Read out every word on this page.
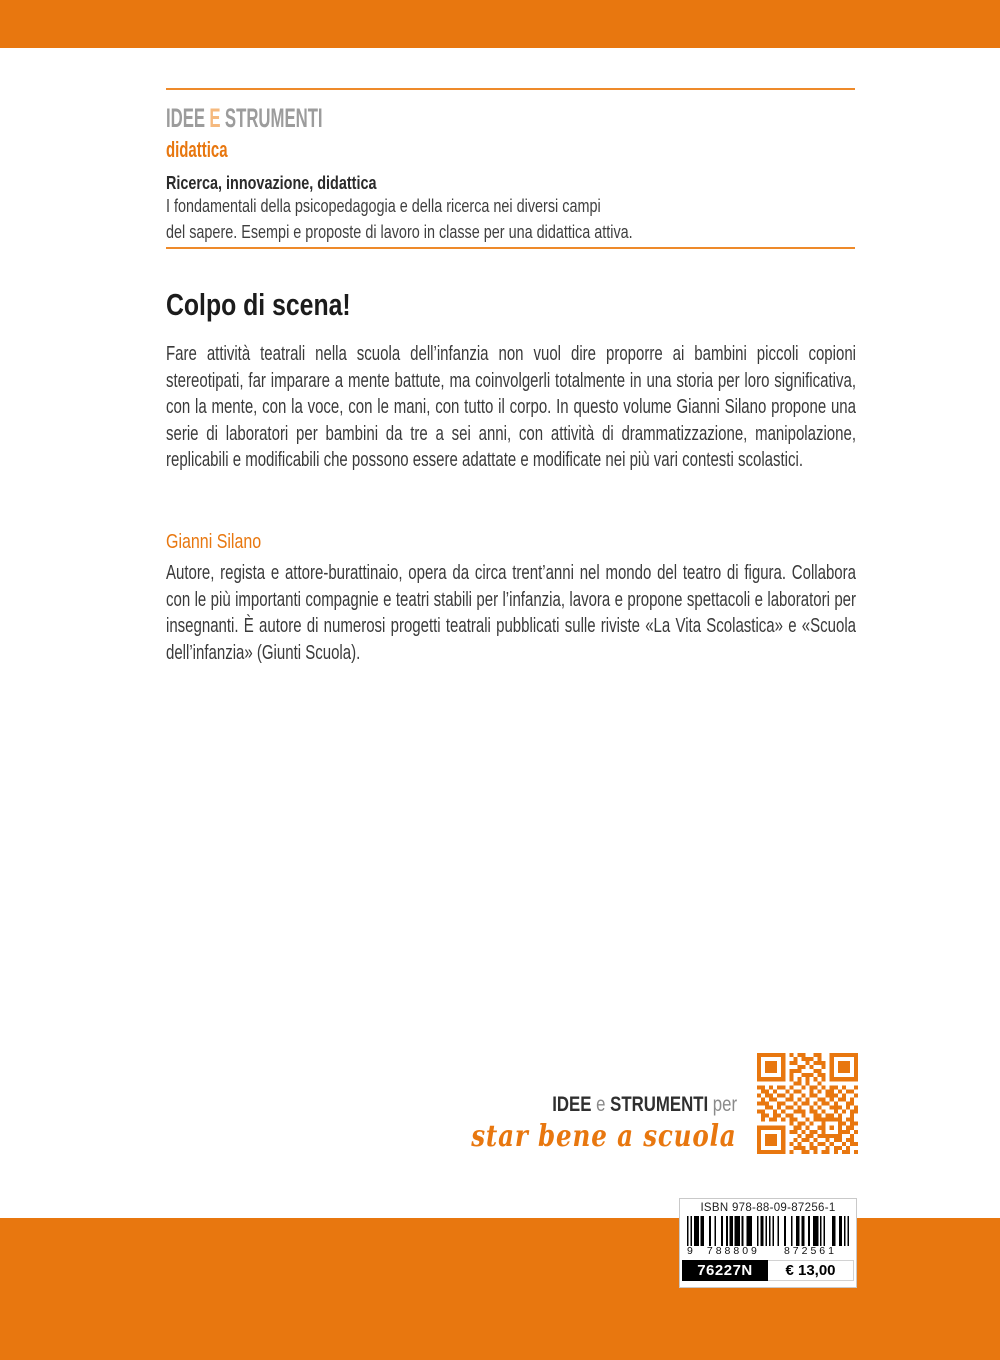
IDEE E STRUMENTI
didattica
Ricerca, innovazione, didattica
I fondamentali della psicopedagogia e della ricerca nei diversi campi
del sapere. Esempi e proposte di lavoro in classe per una didattica attiva.
Colpo di scena!
Fare attività teatrali nella scuola dell’infanzia non vuol dire proporre ai bambini piccoli copioni stereotipati, far imparare a mente battute, ma coinvolgerli totalmente in una storia per loro significativa, con la mente, con la voce, con le mani, con tutto il corpo. In questo volume Gianni Silano propone una serie di laboratori per bambini da tre a sei anni, con attività di drammatizzazione, manipolazione, replicabili e modificabili che possono essere adattate e modificate nei più vari contesti scolastici.
Gianni Silano
Autore, regista e attore-burattinaio, opera da circa trent’anni nel mondo del teatro di figura. Collabora con le più importanti compagnie e teatri stabili per l’infanzia, lavora e propone spettacoli e laboratori per insegnanti. È autore di numerosi progetti teatrali pubblicati sulle riviste «La Vita Scolastica» e «Scuola dell’infanzia» (Giunti Scuola).
IDEE e STRUMENTI per
star bene a scuola
ISBN 978-88-09-87256-1
9	788809	872561
76227N	€ 13,00
